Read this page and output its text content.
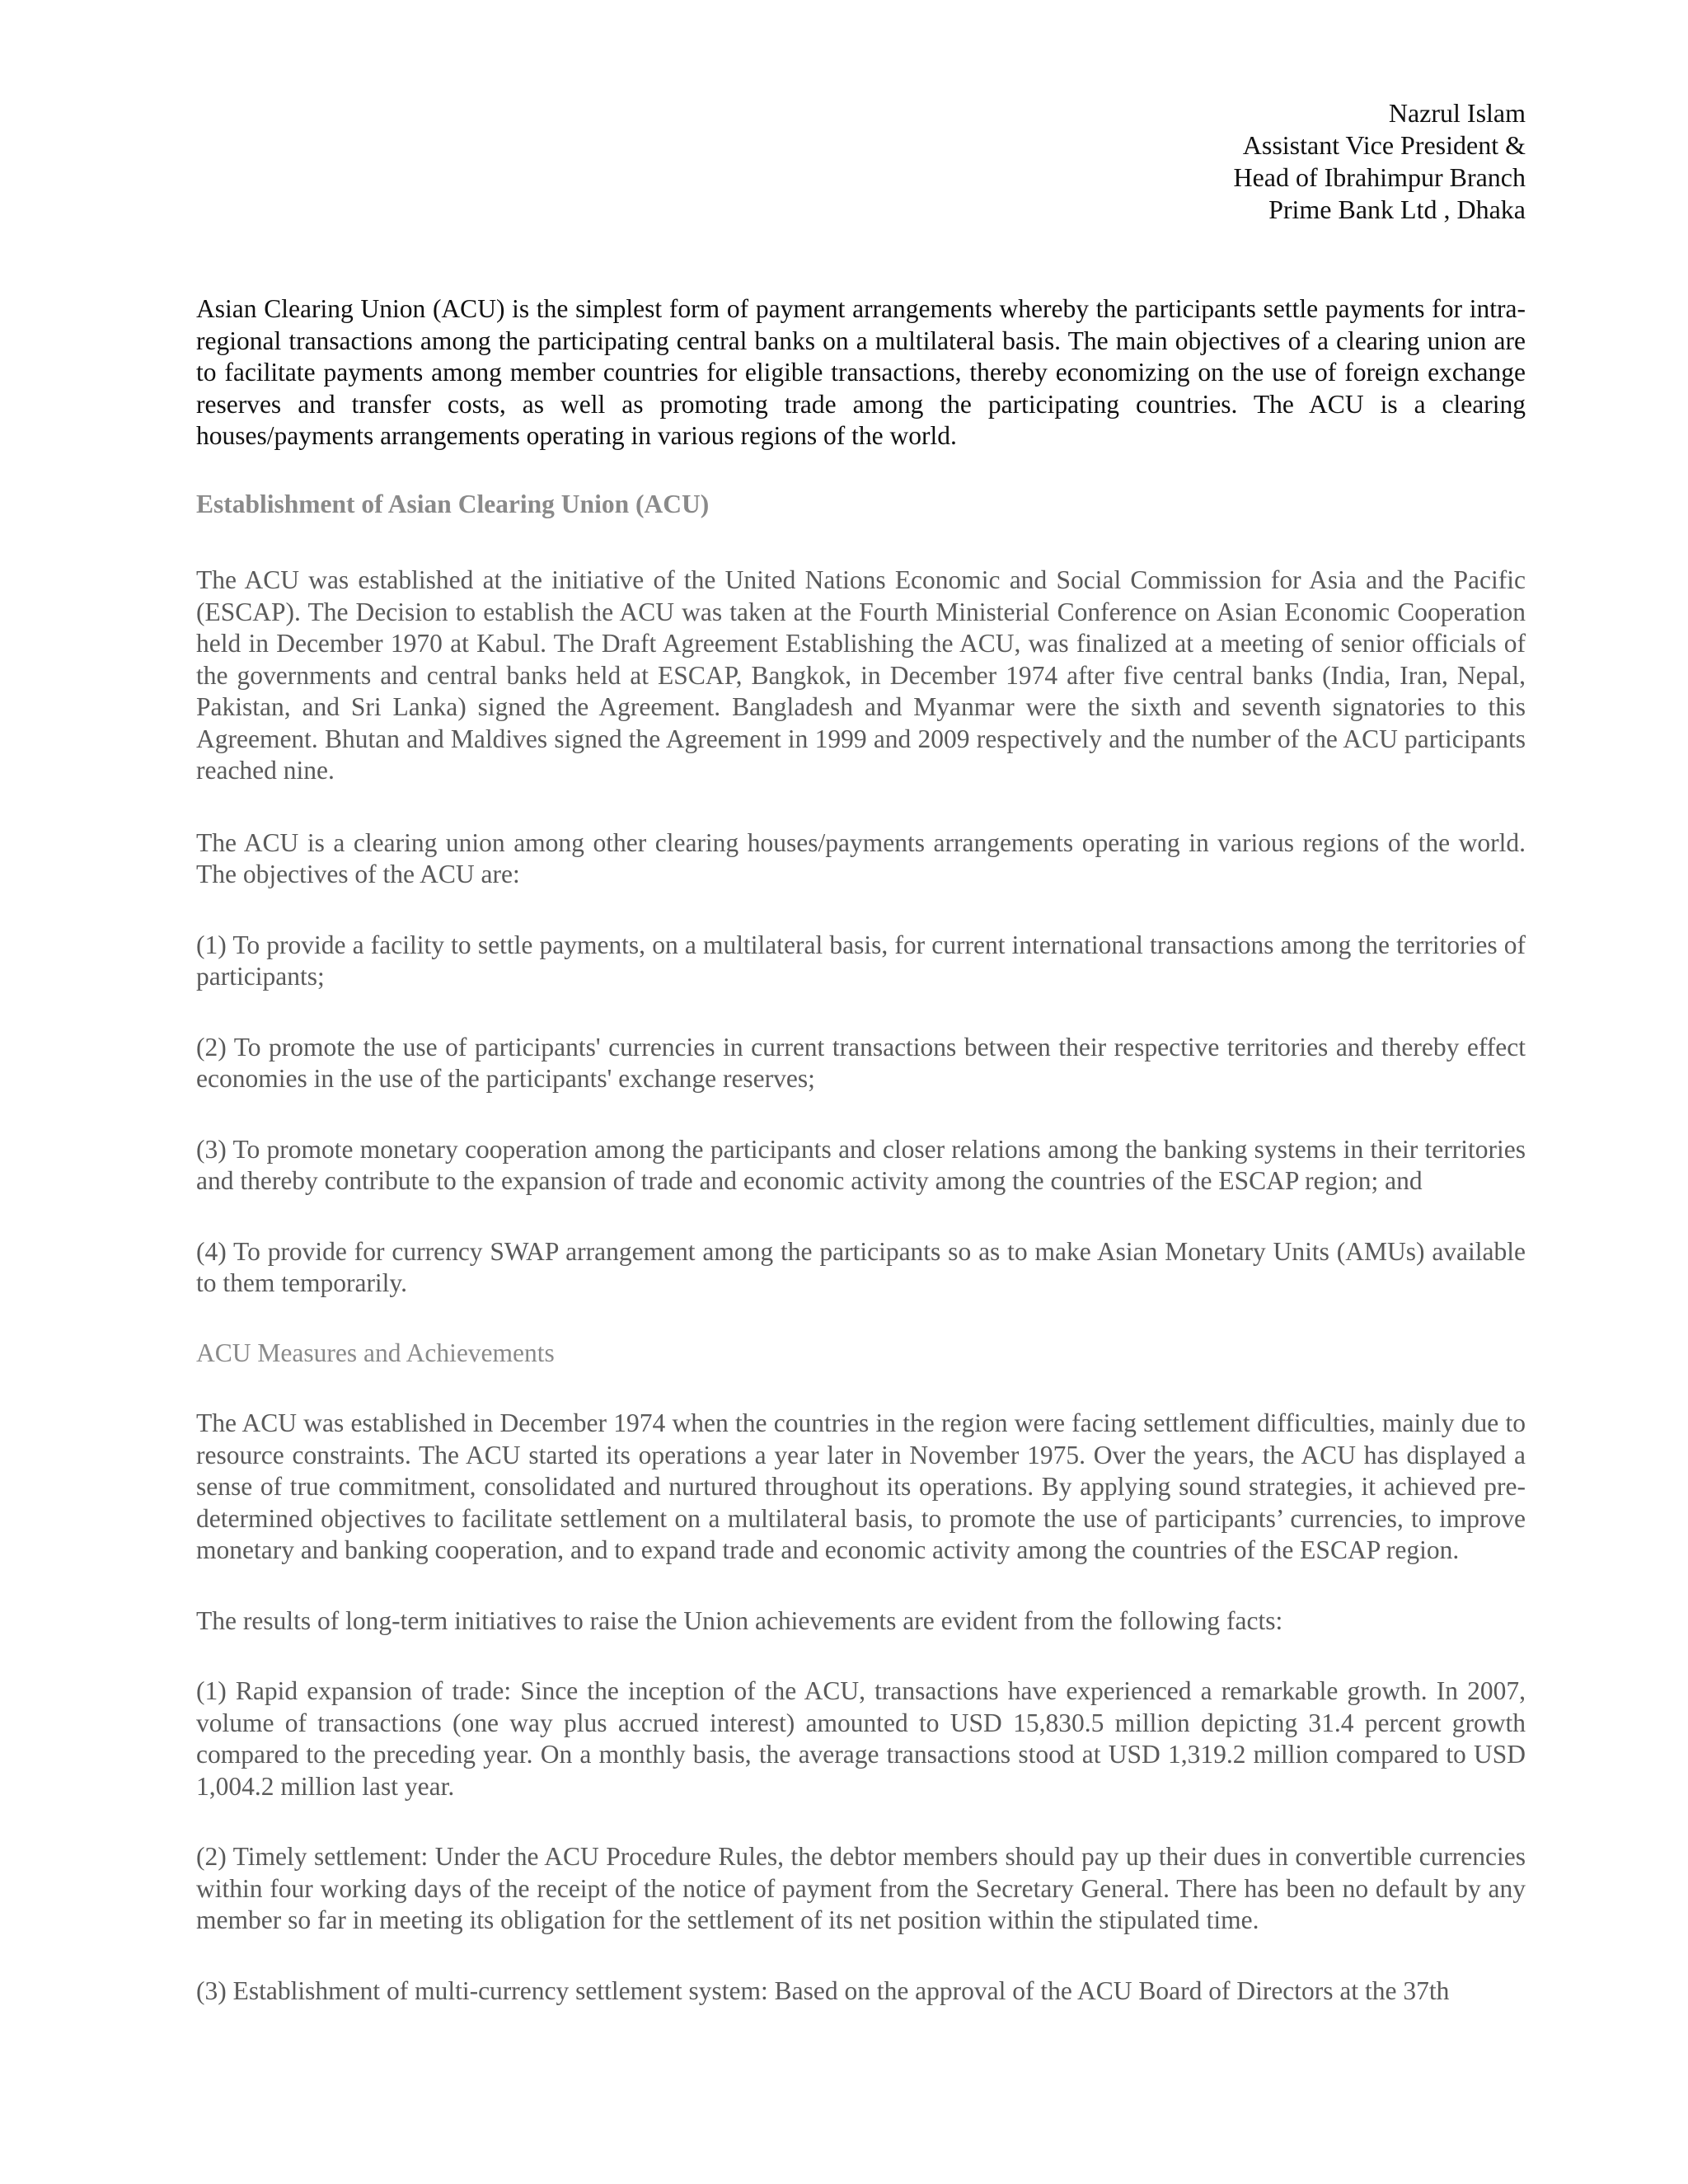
Nazrul Islam
Assistant Vice President &
Head of Ibrahimpur Branch
Prime Bank Ltd , Dhaka

Asian Clearing Union (ACU) is the simplest form of payment arrangements whereby the participants settle payments for intra-regional transactions among the participating central banks on a multilateral basis. The main objectives of a clearing union are to facilitate payments among member countries for eligible transactions, thereby economizing on the use of foreign exchange reserves and transfer costs, as well as promoting trade among the participating countries. The ACU is a clearing houses/payments arrangements operating in various regions of the world.

Establishment of Asian Clearing Union (ACU)

The ACU was established at the initiative of the United Nations Economic and Social Commission for Asia and the Pacific (ESCAP). The Decision to establish the ACU was taken at the Fourth Ministerial Conference on Asian Economic Cooperation held in December 1970 at Kabul. The Draft Agreement Establishing the ACU, was finalized at a meeting of senior officials of the governments and central banks held at ESCAP, Bangkok, in December 1974 after five central banks (India, Iran, Nepal, Pakistan, and Sri Lanka) signed the Agreement. Bangladesh and Myanmar were the sixth and seventh signatories to this Agreement. Bhutan and Maldives signed the Agreement in 1999 and 2009 respectively and the number of the ACU participants reached nine.

The ACU is a clearing union among other clearing houses/payments arrangements operating in various regions of the world. The objectives of the ACU are:

(1) To provide a facility to settle payments, on a multilateral basis, for current international transactions among the territories of participants;

(2) To promote the use of participants' currencies in current transactions between their respective territories and thereby effect economies in the use of the participants' exchange reserves;

(3) To promote monetary cooperation among the participants and closer relations among the banking systems in their territories and thereby contribute to the expansion of trade and economic activity among the countries of the ESCAP region; and

(4) To provide for currency SWAP arrangement among the participants so as to make Asian Monetary Units (AMUs) available to them temporarily.

ACU Measures and Achievements

The ACU was established in December 1974 when the countries in the region were facing settlement difficulties, mainly due to resource constraints. The ACU started its operations a year later in November 1975. Over the years, the ACU has displayed a sense of true commitment, consolidated and nurtured throughout its operations. By applying sound strategies, it achieved pre-determined objectives to facilitate settlement on a multilateral basis, to promote the use of participants’ currencies, to improve monetary and banking cooperation, and to expand trade and economic activity among the countries of the ESCAP region.

The results of long-term initiatives to raise the Union achievements are evident from the following facts:

(1) Rapid expansion of trade: Since the inception of the ACU, transactions have experienced a remarkable growth. In 2007, volume of transactions (one way plus accrued interest) amounted to USD 15,830.5 million depicting 31.4 percent growth compared to the preceding year. On a monthly basis, the average transactions stood at USD 1,319.2 million compared to USD 1,004.2 million last year.

(2) Timely settlement: Under the ACU Procedure Rules, the debtor members should pay up their dues in convertible currencies within four working days of the receipt of the notice of payment from the Secretary General. There has been no default by any member so far in meeting its obligation for the settlement of its net position within the stipulated time.

(3) Establishment of multi-currency settlement system: Based on the approval of the ACU Board of Directors at the 37th
